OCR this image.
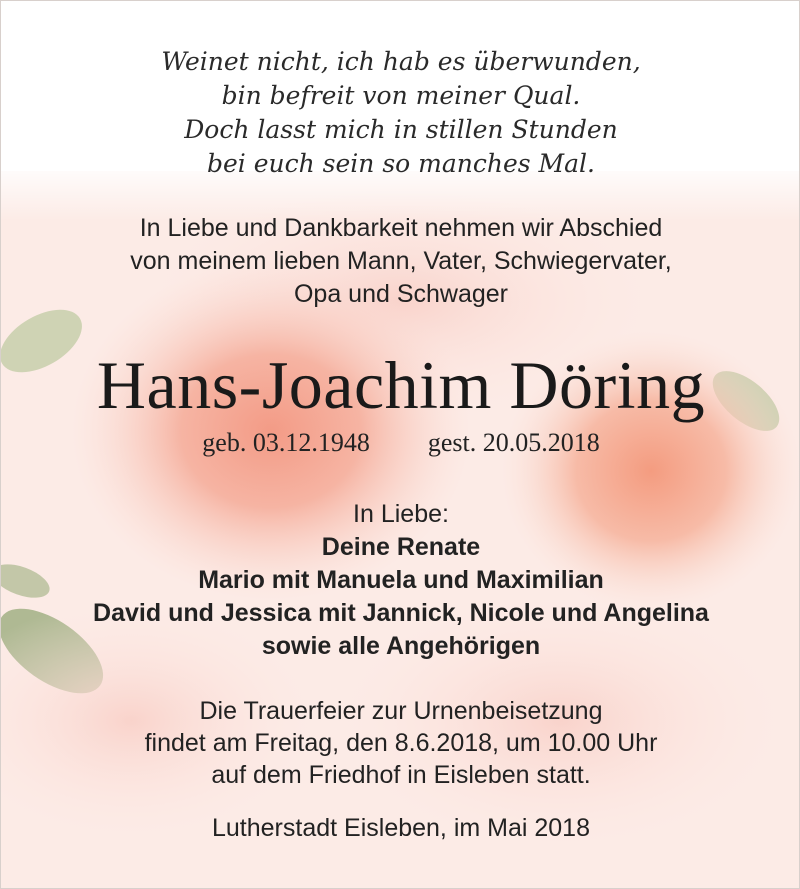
Weinet nicht, ich hab es überwunden,
bin befreit von meiner Qual.
Doch lasst mich in stillen Stunden
bei euch sein so manches Mal.
In Liebe und Dankbarkeit nehmen wir Abschied
von meinem lieben Mann, Vater, Schwiegervater,
Opa und Schwager
Hans-Joachim Döring
geb. 03.12.1948 gest. 20.05.2018
In Liebe:
Deine Renate
Mario mit Manuela und Maximilian
David und Jessica mit Jannick, Nicole und Angelina
sowie alle Angehörigen
Die Trauerfeier zur Urnenbeisetzung
findet am Freitag, den 8.6.2018, um 10.00 Uhr
auf dem Friedhof in Eisleben statt.
Lutherstadt Eisleben, im Mai 2018
